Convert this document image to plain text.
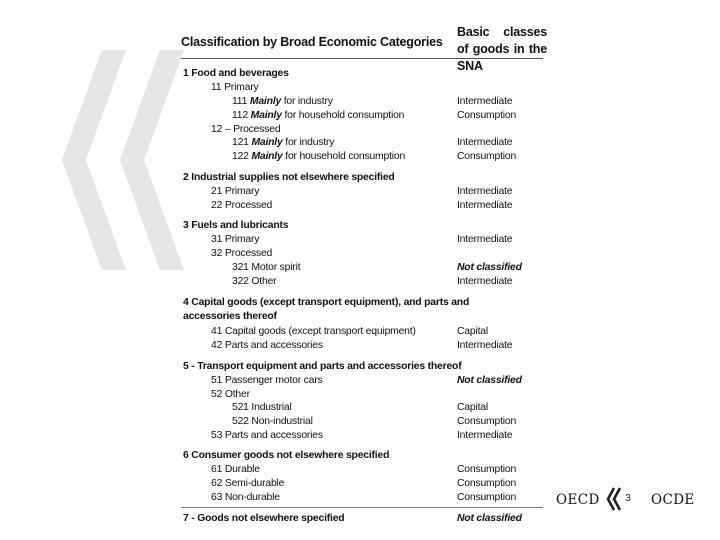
Classification by Broad Economic Categories
Basic classes of goods in the SNA
1 Food and beverages
11 Primary
111 Mainly for industry	Intermediate
112 Mainly for household consumption	Consumption
12 – Processed
121 Mainly for industry	Intermediate
122 Mainly for household consumption	Consumption
2 Industrial supplies not elsewhere specified
21 Primary	Intermediate
22 Processed	Intermediate
3 Fuels and lubricants
31 Primary	Intermediate
32 Processed
321 Motor spirit	Not classified
322 Other	Intermediate
4 Capital goods (except transport equipment), and parts and
accessories thereof
41 Capital goods (except transport equipment)	Capital
42 Parts and accessories	Intermediate
5 - Transport equipment and parts and accessories thereof
51 Passenger motor cars	Not classified
52 Other
521 Industrial	Capital
522 Non-industrial	Consumption
53 Parts and accessories	Intermediate
6 Consumer goods not elsewhere specified
61 Durable	Consumption
62 Semi-durable	Consumption
63 Non-durable	Consumption
7 - Goods not elsewhere specified	Not classified
OECD 3 OCDE
